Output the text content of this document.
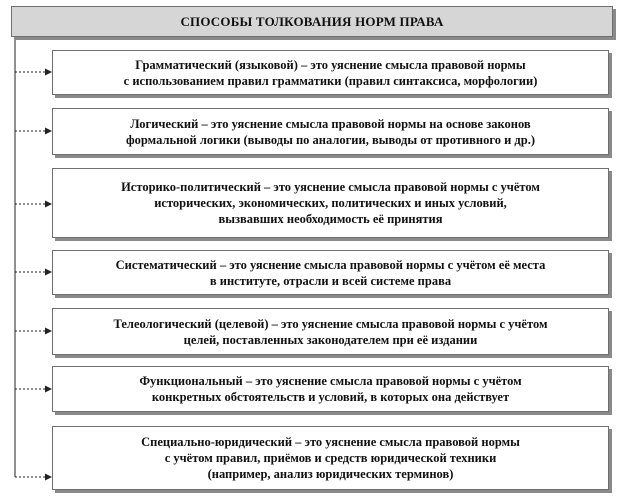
СПОСОБЫ ТОЛКОВАНИЯ НОРМ ПРАВА
Грамматический (языковой) – это уяснение смысла правовой нормы
с использованием правил грамматики (правил синтаксиса, морфологии)
Логический – это уяснение смысла правовой нормы на основе законов
формальной логики (выводы по аналогии, выводы от противного и др.)
Историко-политический – это уяснение смысла правовой нормы с учётом
исторических, экономических, политических и иных условий,
вызвавших необходимость её принятия
Систематический – это уяснение смысла правовой нормы с учётом её места
в институте, отрасли и всей системе права
Телеологический (целевой) – это уяснение смысла правовой нормы с учётом
целей, поставленных законодателем при её издании
Функциональный – это уяснение смысла правовой нормы с учётом
конкретных обстоятельств и условий, в которых она действует
Специально-юридический – это уяснение смысла правовой нормы
с учётом правил, приёмов и средств юридической техники
(например, анализ юридических терминов)
